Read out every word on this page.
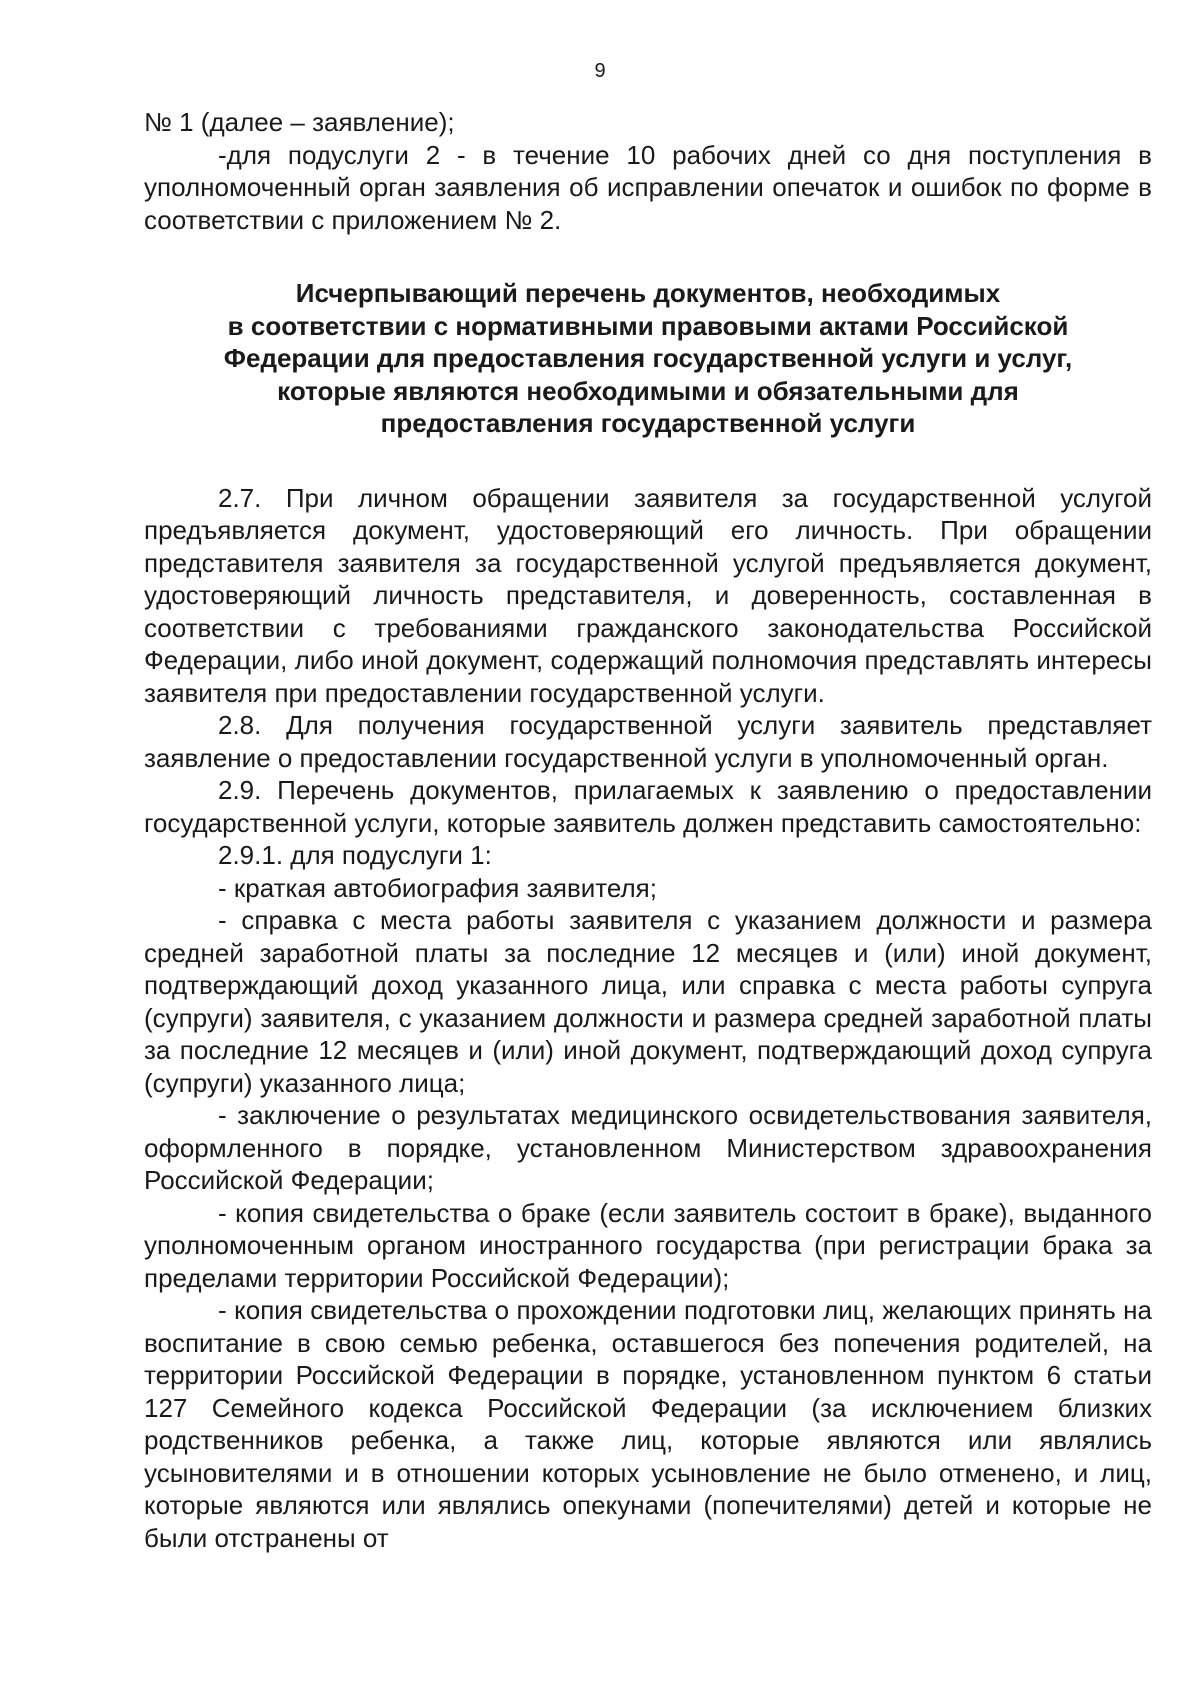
9

№ 1 (далее – заявление);

-для подуслуги 2 - в течение 10 рабочих дней со дня поступления в уполномоченный орган заявления об исправлении опечаток и ошибок по форме в соответствии с приложением № 2.

Исчерпывающий перечень документов, необходимых
в соответствии с нормативными правовыми актами Российской
Федерации для предоставления государственной услуги и услуг,
которые являются необходимыми и обязательными для
предоставления государственной услуги

2.7. При личном обращении заявителя за государственной услугой предъявляется документ, удостоверяющий его личность. При обращении представителя заявителя за государственной услугой предъявляется документ, удостоверяющий личность представителя, и доверенность, составленная в соответствии с требованиями гражданского законодательства Российской Федерации, либо иной документ, содержащий полномочия представлять интересы заявителя при предоставлении государственной услуги.

2.8. Для получения государственной услуги заявитель представляет заявление о предоставлении государственной услуги в уполномоченный орган.

2.9. Перечень документов, прилагаемых к заявлению о предоставлении государственной услуги, которые заявитель должен представить самостоятельно:

2.9.1. для подуслуги 1:

- краткая автобиография заявителя;

- справка с места работы заявителя с указанием должности и размера средней заработной платы за последние 12 месяцев и (или) иной документ, подтверждающий доход указанного лица, или справка с места работы супруга (супруги) заявителя, с указанием должности и размера средней заработной платы за последние 12 месяцев и (или) иной документ, подтверждающий доход супруга (супруги) указанного лица;

- заключение о результатах медицинского освидетельствования заявителя, оформленного в порядке, установленном Министерством здравоохранения Российской Федерации;

- копия свидетельства о браке (если заявитель состоит в браке), выданного уполномоченным органом иностранного государства (при регистрации брака за пределами территории Российской Федерации);

- копия свидетельства о прохождении подготовки лиц, желающих принять на воспитание в свою семью ребенка, оставшегося без попечения родителей, на территории Российской Федерации в порядке, установленном пунктом 6 статьи 127 Семейного кодекса Российской Федерации (за исключением близких родственников ребенка, а также лиц, которые являются или являлись усыновителями и в отношении которых усыновление не было отменено, и лиц, которые являются или являлись опекунами (попечителями) детей и которые не были отстранены от
